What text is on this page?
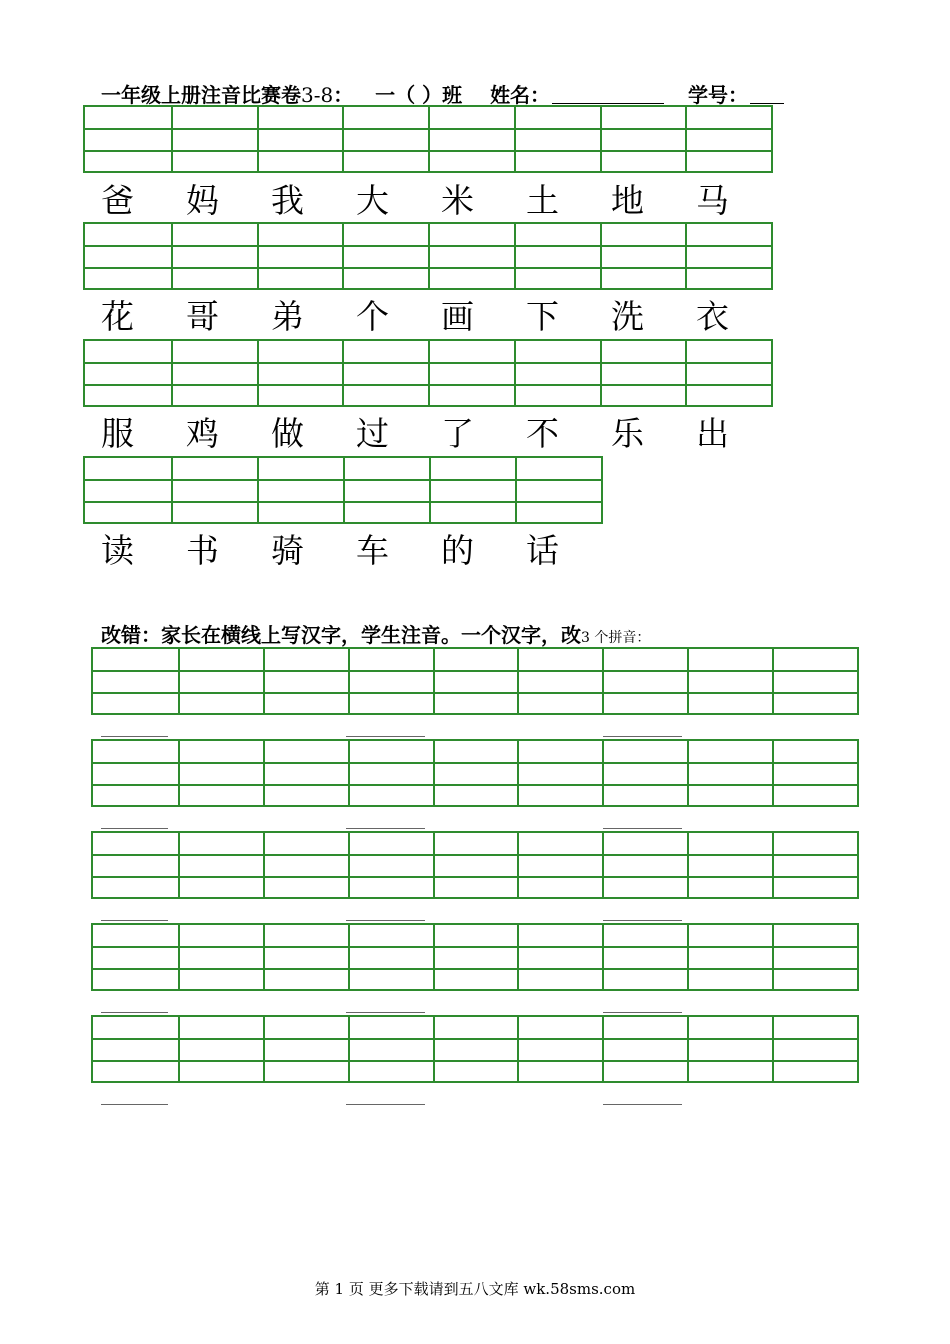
一年级上册注音比赛卷3-8： 一（ ）班 姓名：	学号：
爸 妈 我 大 米 土 地 马
花 哥 弟 个 画 下 洗 衣
服 鸡 做 过 了 不 乐 出
读 书 骑 车 的 话
改错：家长在横线上写汉字，学生注音。一个汉字，改3 个拼音：
第 1 页 更多下载请到五八文库 wk.58sms.com
